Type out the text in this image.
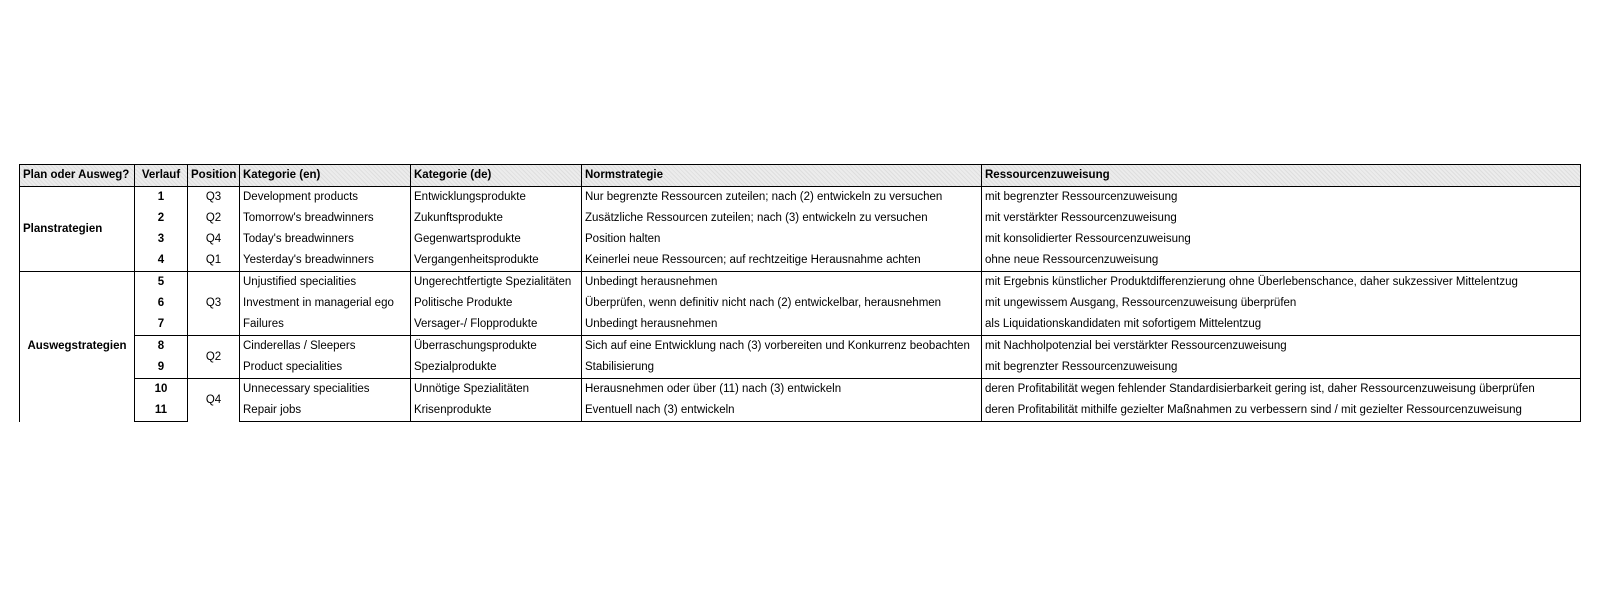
Plan oder Ausweg?	Verlauf	Position	Kategorie (en)	Kategorie (de)	Normstrategie	Ressourcenzuweisung
Planstrategien	1	Q3	Development products	Entwicklungsprodukte	Nur begrenzte Ressourcen zuteilen; nach (2) entwickeln zu versuchen	mit begrenzter Ressourcenzuweisung
	2	Q2	Tomorrow's breadwinners	Zukunftsprodukte	Zusätzliche Ressourcen zuteilen; nach (3) entwickeln zu versuchen	mit verstärkter Ressourcenzuweisung
	3	Q4	Today's breadwinners	Gegenwartsprodukte	Position halten	mit konsolidierter Ressourcenzuweisung
	4	Q1	Yesterday's breadwinners	Vergangenheitsprodukte	Keinerlei neue Ressourcen; auf rechtzeitige Herausnahme achten	ohne neue Ressourcenzuweisung
Auswegstrategien	5	Q3	Unjustified specialities	Ungerechtfertigte Spezialitäten	Unbedingt herausnehmen	mit Ergebnis künstlicher Produktdifferenzierung ohne Überlebenschance, daher sukzessiver Mittelentzug
	6		Investment in managerial ego	Politische Produkte	Überprüfen, wenn definitiv nicht nach (2) entwickelbar, herausnehmen	mit ungewissem Ausgang, Ressourcenzuweisung überprüfen
	7		Failures	Versager-/ Flopprodukte	Unbedingt herausnehmen	als Liquidationskandidaten mit sofortigem Mittelentzug
	8	Q2	Cinderellas / Sleepers	Überraschungsprodukte	Sich auf eine Entwicklung nach (3) vorbereiten und Konkurrenz beobachten	mit Nachholpotenzial bei verstärkter Ressourcenzuweisung
	9		Product specialities	Spezialprodukte	Stabilisierung	mit begrenzter Ressourcenzuweisung
	10	Q4	Unnecessary specialities	Unnötige Spezialitäten	Herausnehmen oder über (11) nach (3) entwickeln	deren Profitabilität wegen fehlender Standardisierbarkeit gering ist, daher Ressourcenzuweisung überprüfen
	11		Repair jobs	Krisenprodukte	Eventuell nach (3) entwickeln	deren Profitabilität mithilfe gezielter Maßnahmen zu verbessern sind / mit gezielter Ressourcenzuweisung
